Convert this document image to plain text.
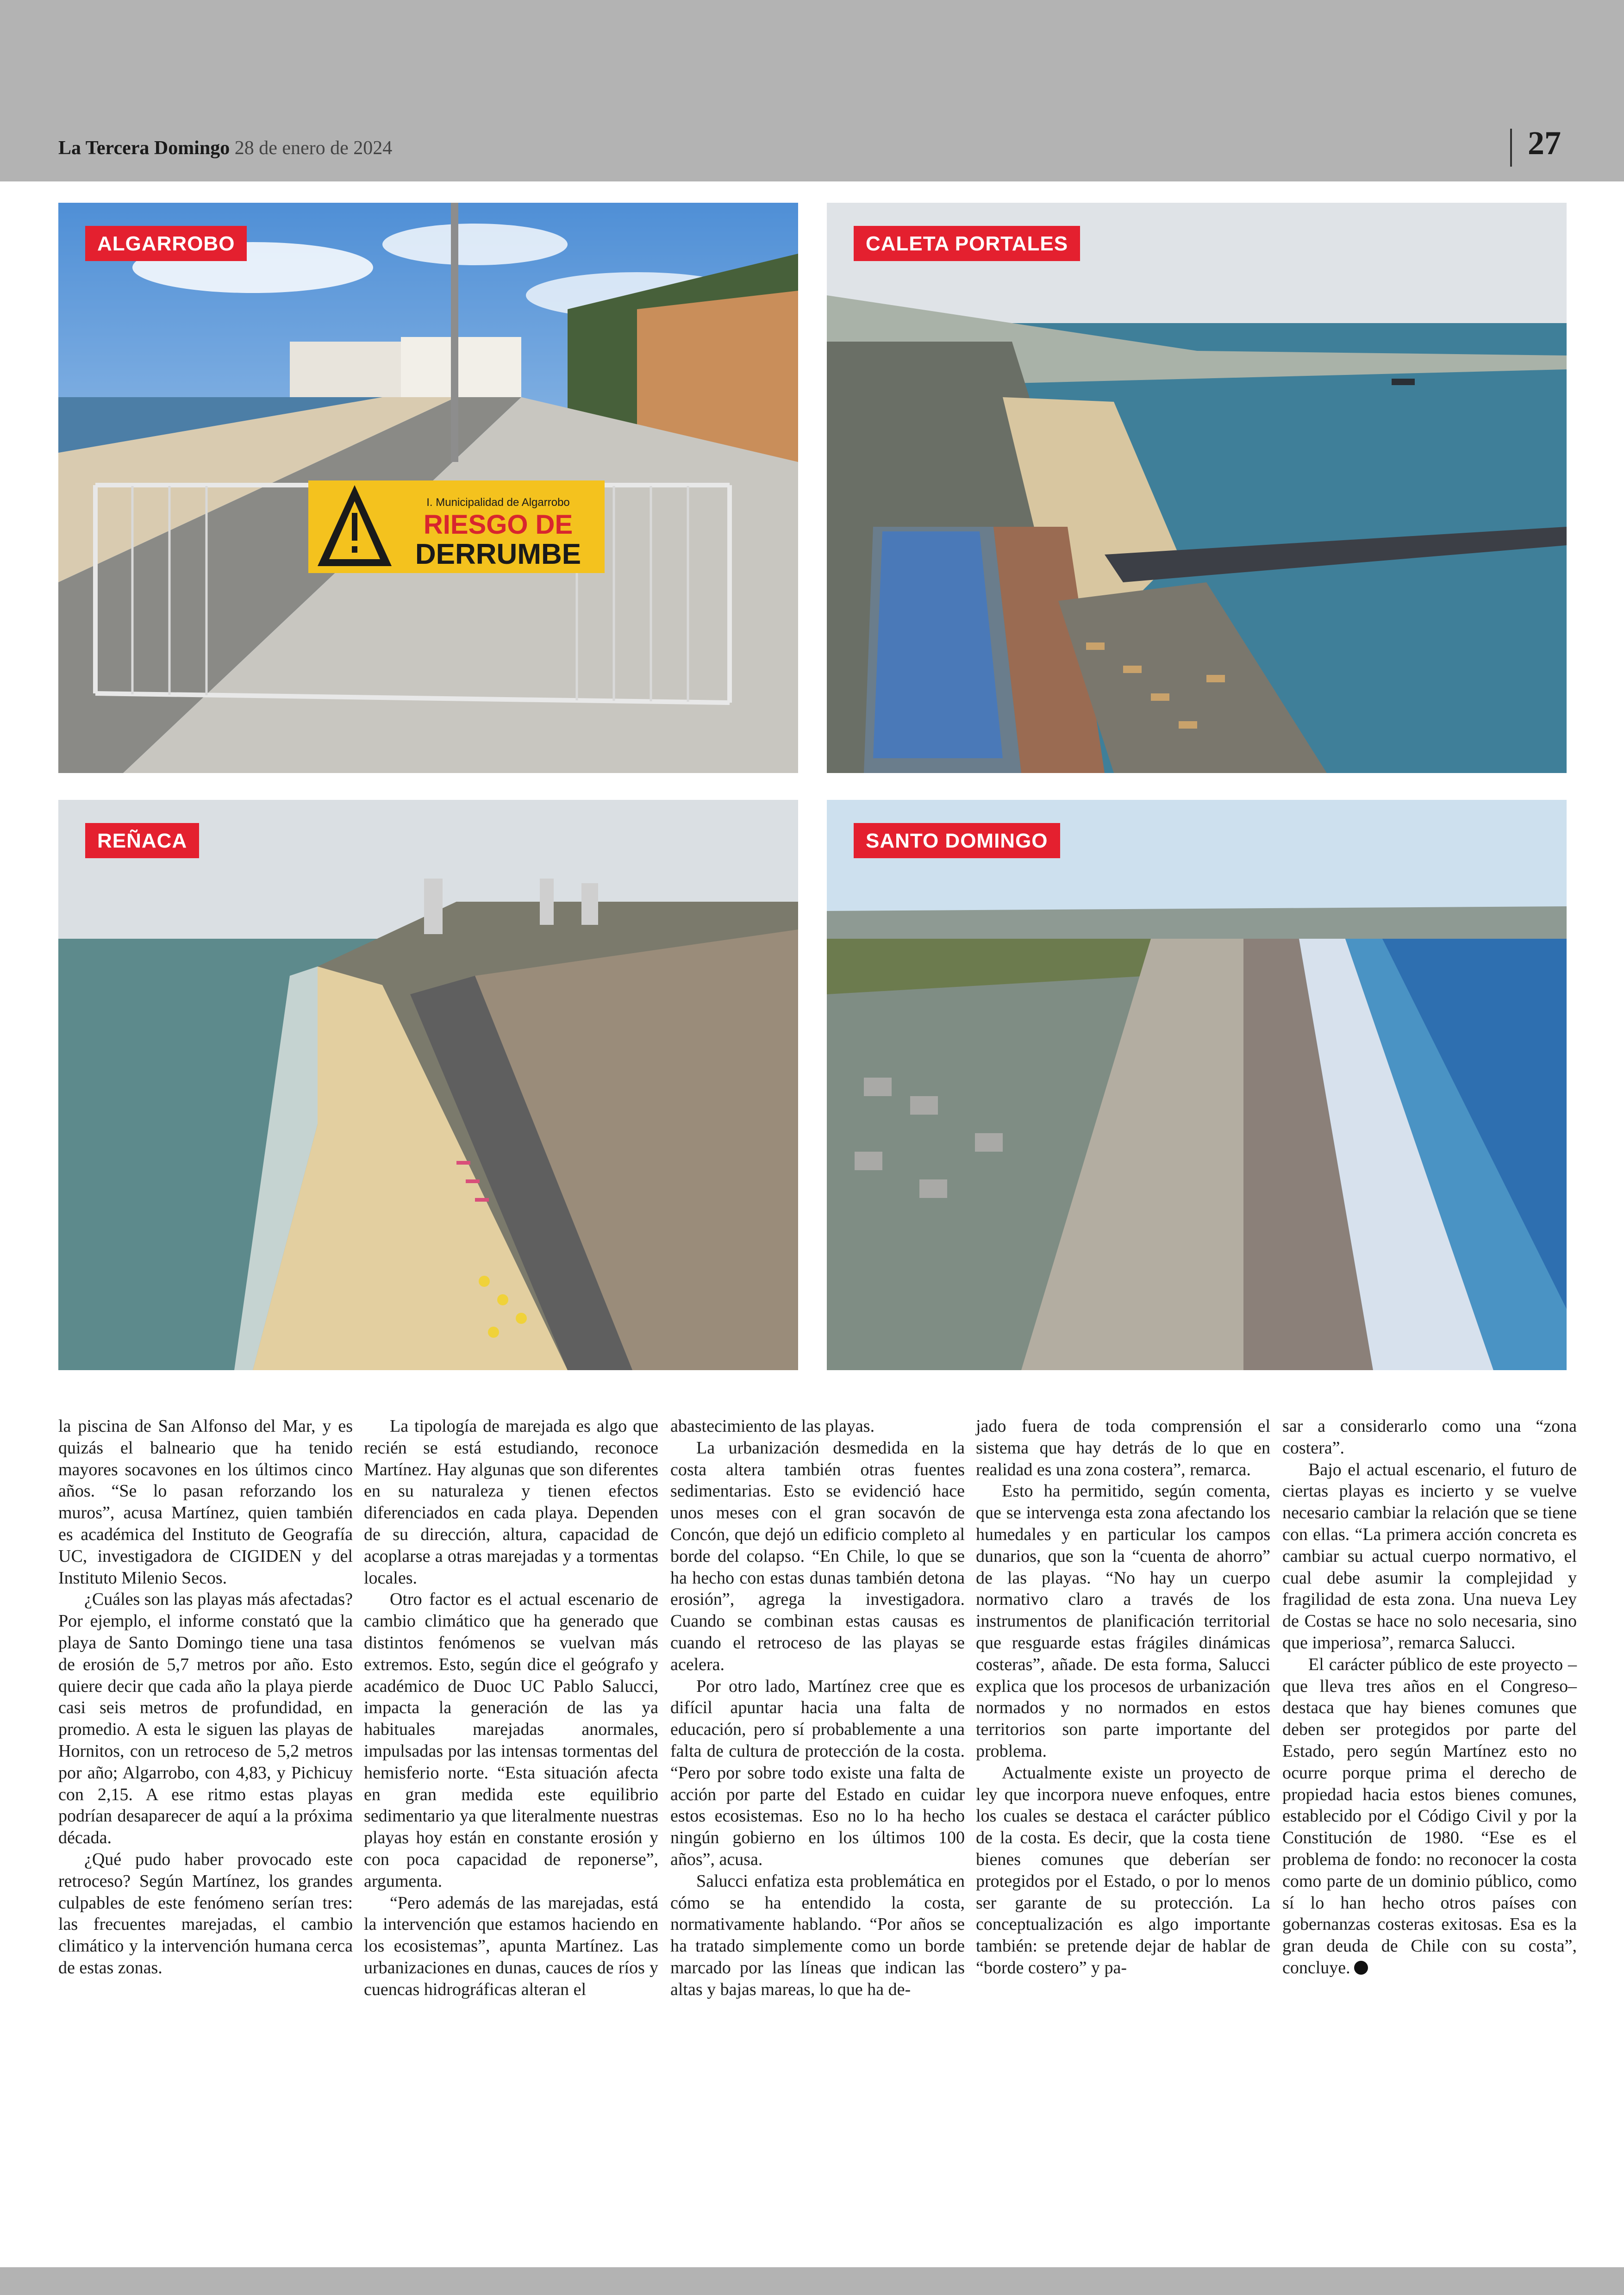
La Tercera Domingo 28 de enero de 2024	27
I. Municipalidad de Algarrobo
RIESGO DE
DERRUMBE
ALGARROBO	CALETA PORTALES
REÑACA	SANTO DOMINGO

la piscina de San Alfonso del Mar, y es quizás el balneario que ha tenido mayores socavones en los últimos cinco años. “Se lo pasan reforzando los muros”, acusa Martínez, quien también es académica del Instituto de Geografía UC, investigadora de CIGIDEN y del Instituto Milenio Secos.

¿Cuáles son las playas más afectadas? Por ejemplo, el informe constató que la playa de Santo Domingo tiene una tasa de erosión de 5,7 metros por año. Esto quiere decir que cada año la playa pierde casi seis metros de profundidad, en promedio. A esta le siguen las playas de Hornitos, con un retroceso de 5,2 metros por año; Algarrobo, con 4,83, y Pichicuy con 2,15. A ese ritmo estas playas podrían desaparecer de aquí a la próxima década.

¿Qué pudo haber provocado este retroceso? Según Martínez, los grandes culpables de este fenómeno serían tres: las frecuentes marejadas, el cambio climático y la intervención humana cerca de estas zonas.

La tipología de marejada es algo que recién se está estudiando, reconoce Martínez. Hay algunas que son diferentes en su naturaleza y tienen efectos diferenciados en cada playa. Dependen de su dirección, altura, capacidad de acoplarse a otras marejadas y a tormentas locales.

Otro factor es el actual escenario de cambio climático que ha generado que distintos fenómenos se vuelvan más extremos. Esto, según dice el geógrafo y académico de Duoc UC Pablo Salucci, impacta la generación de las ya habituales marejadas anormales, impulsadas por las intensas tormentas del hemisferio norte. “Esta situación afecta en gran medida este equilibrio sedimentario ya que literalmente nuestras playas hoy están en constante erosión y con poca capacidad de reponerse”, argumenta.

“Pero además de las marejadas, está la intervención que estamos haciendo en los ecosistemas”, apunta Martínez. Las urbanizaciones en dunas, cauces de ríos y cuencas hidrográficas alteran el

abastecimiento de las playas.

La urbanización desmedida en la costa altera también otras fuentes sedimentarias. Esto se evidenció hace unos meses con el gran socavón de Concón, que dejó un edificio completo al borde del colapso. “En Chile, lo que se ha hecho con estas dunas también detona erosión”, agrega la investigadora. Cuando se combinan estas causas es cuando el retroceso de las playas se acelera.

Por otro lado, Martínez cree que es difícil apuntar hacia una falta de educación, pero sí probablemente a una falta de cultura de protección de la costa. “Pero por sobre todo existe una falta de acción por parte del Estado en cuidar estos ecosistemas. Eso no lo ha hecho ningún gobierno en los últimos 100 años”, acusa.

Salucci enfatiza esta problemática en cómo se ha entendido la costa, normativamente hablando. “Por años se ha tratado simplemente como un borde marcado por las líneas que indican las altas y bajas mareas, lo que ha de-

jado fuera de toda comprensión el sistema que hay detrás de lo que en realidad es una zona costera”, remarca.

Esto ha permitido, según comenta, que se intervenga esta zona afectando los humedales y en particular los campos dunarios, que son la “cuenta de ahorro” de las playas. “No hay un cuerpo normativo claro a través de los instrumentos de planificación territorial que resguarde estas frágiles dinámicas costeras”, añade. De esta forma, Salucci explica que los procesos de urbanización normados y no normados en estos territorios son parte importante del problema.

Actualmente existe un proyecto de ley que incorpora nueve enfoques, entre los cuales se destaca el carácter público de la costa. Es decir, que la costa tiene bienes comunes que deberían ser protegidos por el Estado, o por lo menos ser garante de su protección. La conceptualización es algo importante también: se pretende dejar de hablar de “borde costero” y pa-

sar a considerarlo como una “zona costera”.

Bajo el actual escenario, el futuro de ciertas playas es incierto y se vuelve necesario cambiar la relación que se tiene con ellas. “La primera acción concreta es cambiar su actual cuerpo normativo, el cual debe asumir la complejidad y fragilidad de esta zona. Una nueva Ley de Costas se hace no solo necesaria, sino que imperiosa”, remarca Salucci.

El carácter público de este proyecto –que lleva tres años en el Congreso– destaca que hay bienes comunes que deben ser protegidos por parte del Estado, pero según Martínez esto no ocurre porque prima el derecho de propiedad hacia estos bienes comunes, establecido por el Código Civil y por la Constitución de 1980. “Ese es el problema de fondo: no reconocer la costa como parte de un dominio público, como sí lo han hecho otros países con gobernanzas costeras exitosas. Esa es la gran deuda de Chile con su costa”, concluye.
